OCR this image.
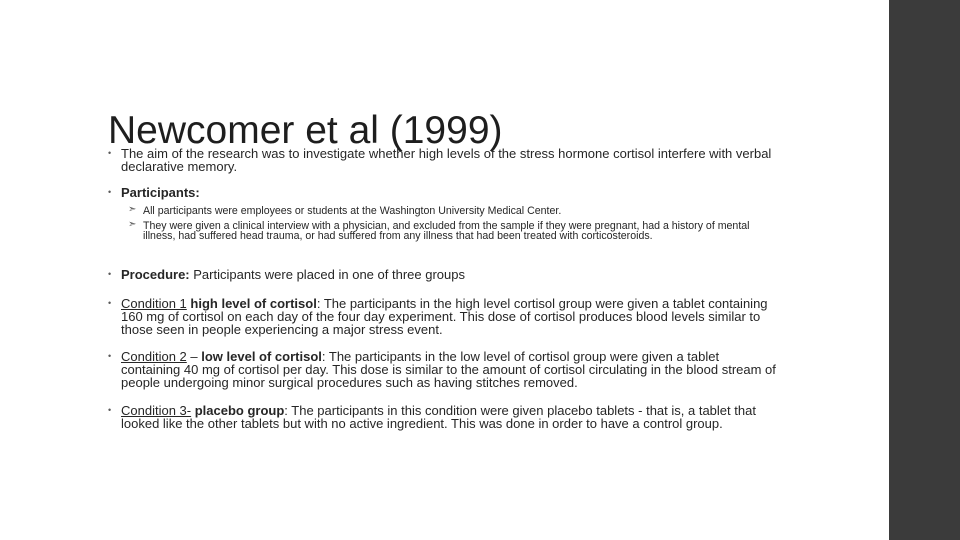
Newcomer et al (1999)
• The aim of the research was to investigate whether high levels of the stress hormone cortisol interfere with verbal declarative memory.
• Participants:
➣ All participants were employees or students at the Washington University Medical Center.
➣ They were given a clinical interview with a physician, and excluded from the sample if they were pregnant, had a history of mental illness, had suffered head trauma, or had suffered from any illness that had been treated with corticosteroids.
• Procedure: Participants were placed in one of three groups
• Condition 1 high level of cortisol: The participants in the high level cortisol group were given a tablet containing 160 mg of cortisol on each day of the four day experiment. This dose of cortisol produces blood levels similar to those seen in people experiencing a major stress event.
• Condition 2 – low level of cortisol: The participants in the low level of cortisol group were given a tablet containing 40 mg of cortisol per day. This dose is similar to the amount of cortisol circulating in the blood stream of people undergoing minor surgical procedures such as having stitches removed.
• Condition 3- placebo group: The participants in this condition were given placebo tablets - that is, a tablet that looked like the other tablets but with no active ingredient. This was done in order to have a control group.
